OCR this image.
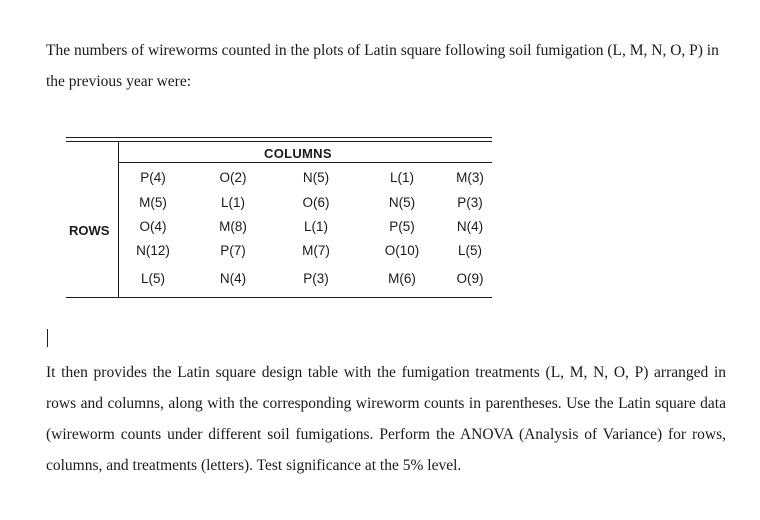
The numbers of wireworms counted in the plots of Latin square following soil fumigation (L, M, N, O, P) in the previous year were:

COLUMNS
ROWS
P(4)	O(2)	N(5)	L(1)	M(3)
M(5)	L(1)	O(6)	N(5)	P(3)
O(4)	M(8)	L(1)	P(5)	N(4)
N(12)	P(7)	M(7)	O(10)	L(5)
L(5)	N(4)	P(3)	M(6)	O(9)

It then provides the Latin square design table with the fumigation treatments (L, M, N, O, P) arranged in rows and columns, along with the corresponding wireworm counts in parentheses. Use the Latin square data (wireworm counts under different soil fumigations. Perform the ANOVA (Analysis of Variance) for rows, columns, and treatments (letters). Test significance at the 5% level.
